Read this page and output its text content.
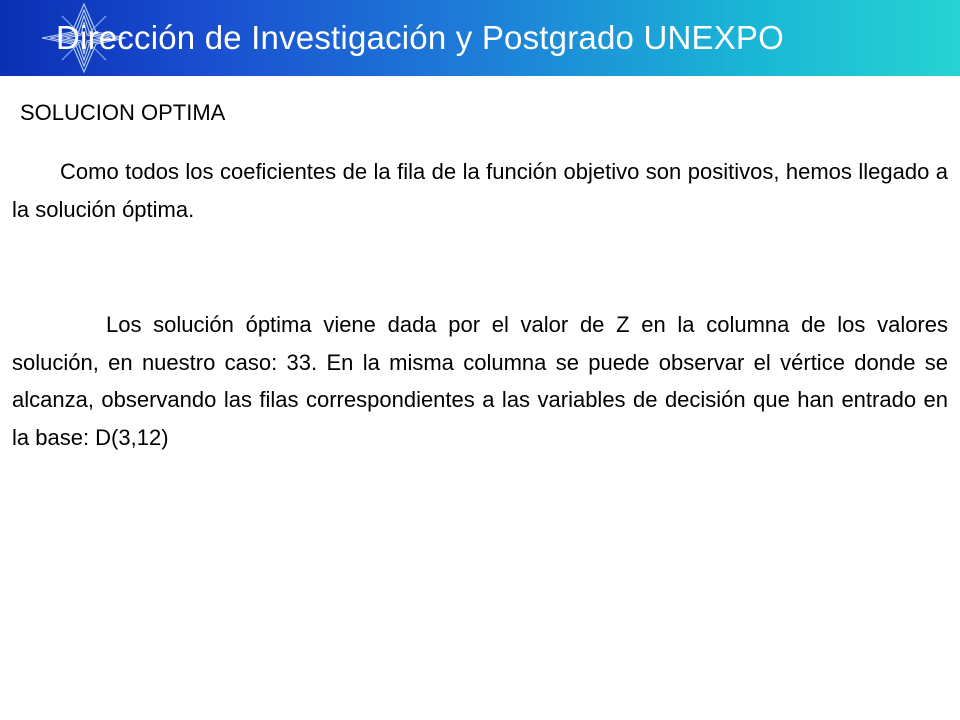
Dirección de Investigación y Postgrado UNEXPO
SOLUCION OPTIMA

Como todos los coeficientes de la fila de la función objetivo son positivos, hemos llegado a la solución óptima.

Los solución óptima viene dada por el valor de Z en la columna de los valores solución, en nuestro caso: 33. En la misma columna se puede observar el vértice donde se alcanza, observando las filas correspondientes a las variables de decisión que han entrado en la base: D(3,12)
